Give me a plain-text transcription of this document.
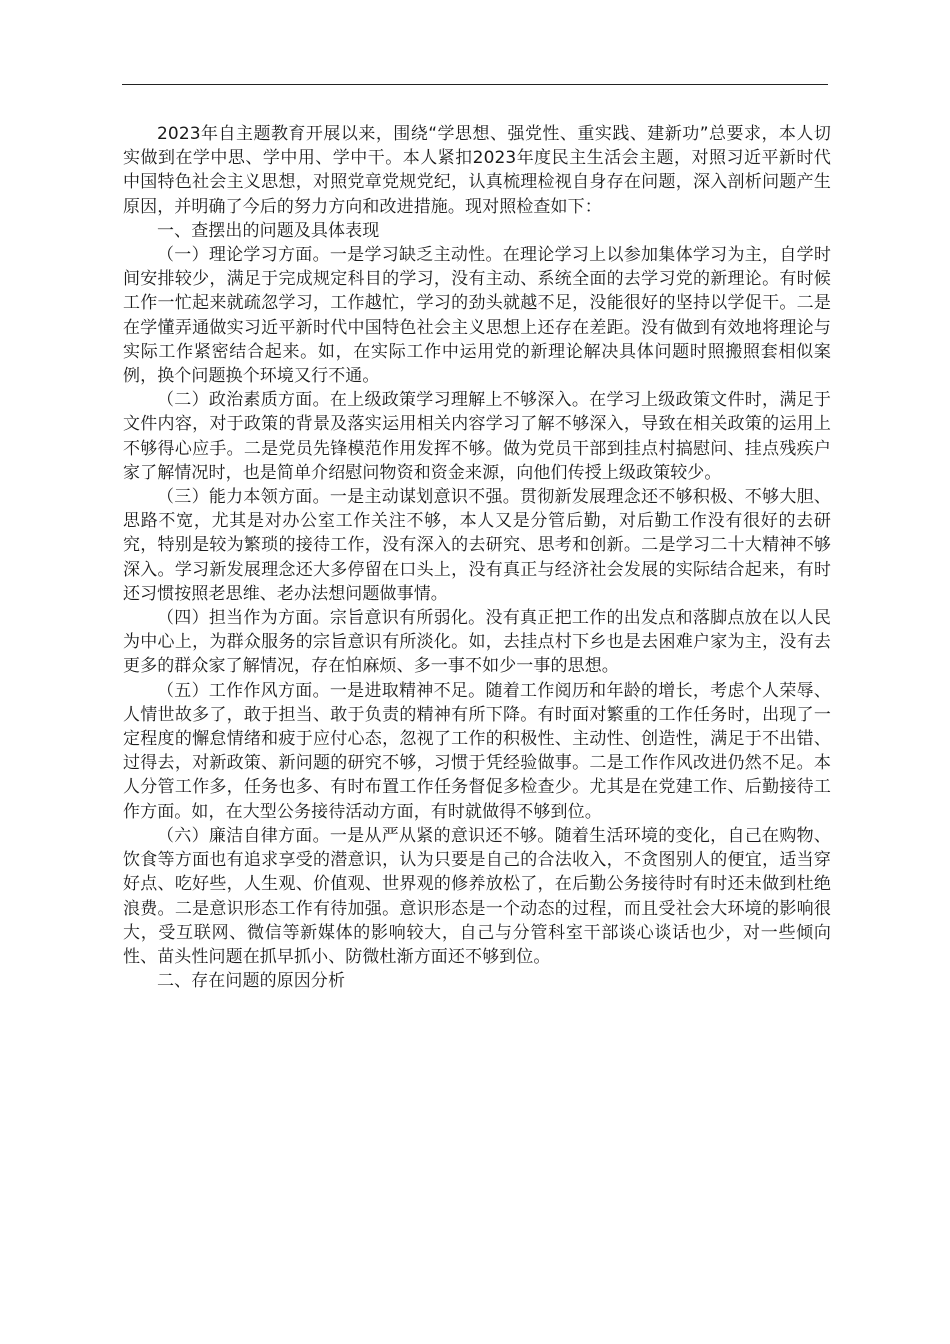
2023年自主题教育开展以来，围绕“学思想、强党性、重实践、建新功”总要求，本人切实做到在学中思、学中用、学中干。本人紧扣2023年度民主生活会主题，对照习近平新时代中国特色社会主义思想，对照党章党规党纪，认真梳理检视自身存在问题，深入剖析问题产生原因，并明确了今后的努力方向和改进措施。现对照检查如下：

一、查摆出的问题及具体表现

（一）理论学习方面。一是学习缺乏主动性。在理论学习上以参加集体学习为主，自学时间安排较少，满足于完成规定科目的学习，没有主动、系统全面的去学习党的新理论。有时候工作一忙起来就疏忽学习，工作越忙，学习的劲头就越不足，没能很好的坚持以学促干。二是在学懂弄通做实习近平新时代中国特色社会主义思想上还存在差距。没有做到有效地将理论与实际工作紧密结合起来。如，在实际工作中运用党的新理论解决具体问题时照搬照套相似案例，换个问题换个环境又行不通。

（二）政治素质方面。在上级政策学习理解上不够深入。在学习上级政策文件时，满足于文件内容，对于政策的背景及落实运用相关内容学习了解不够深入，导致在相关政策的运用上不够得心应手。二是党员先锋模范作用发挥不够。做为党员干部到挂点村搞慰问、挂点残疾户家了解情况时，也是简单介绍慰问物资和资金来源，向他们传授上级政策较少。

（三）能力本领方面。一是主动谋划意识不强。贯彻新发展理念还不够积极、不够大胆、思路不宽，尤其是对办公室工作关注不够，本人又是分管后勤，对后勤工作没有很好的去研究，特别是较为繁琐的接待工作，没有深入的去研究、思考和创新。二是学习二十大精神不够深入。学习新发展理念还大多停留在口头上，没有真正与经济社会发展的实际结合起来，有时还习惯按照老思维、老办法想问题做事情。

（四）担当作为方面。宗旨意识有所弱化。没有真正把工作的出发点和落脚点放在以人民为中心上，为群众服务的宗旨意识有所淡化。如，去挂点村下乡也是去困难户家为主，没有去更多的群众家了解情况，存在怕麻烦、多一事不如少一事的思想。

（五）工作作风方面。一是进取精神不足。随着工作阅历和年龄的增长，考虑个人荣辱、人情世故多了，敢于担当、敢于负责的精神有所下降。有时面对繁重的工作任务时，出现了一定程度的懈怠情绪和疲于应付心态，忽视了工作的积极性、主动性、创造性，满足于不出错、过得去，对新政策、新问题的研究不够，习惯于凭经验做事。二是工作作风改进仍然不足。本人分管工作多，任务也多、有时布置工作任务督促多检查少。尤其是在党建工作、后勤接待工作方面。如，在大型公务接待活动方面，有时就做得不够到位。

（六）廉洁自律方面。一是从严从紧的意识还不够。随着生活环境的变化，自己在购物、饮食等方面也有追求享受的潜意识，认为只要是自己的合法收入，不贪图别人的便宜，适当穿好点、吃好些，人生观、价值观、世界观的修养放松了，在后勤公务接待时有时还未做到杜绝浪费。二是意识形态工作有待加强。意识形态是一个动态的过程，而且受社会大环境的影响很大，受互联网、微信等新媒体的影响较大，自己与分管科室干部谈心谈话也少，对一些倾向性、苗头性问题在抓早抓小、防微杜渐方面还不够到位。

二、存在问题的原因分析
